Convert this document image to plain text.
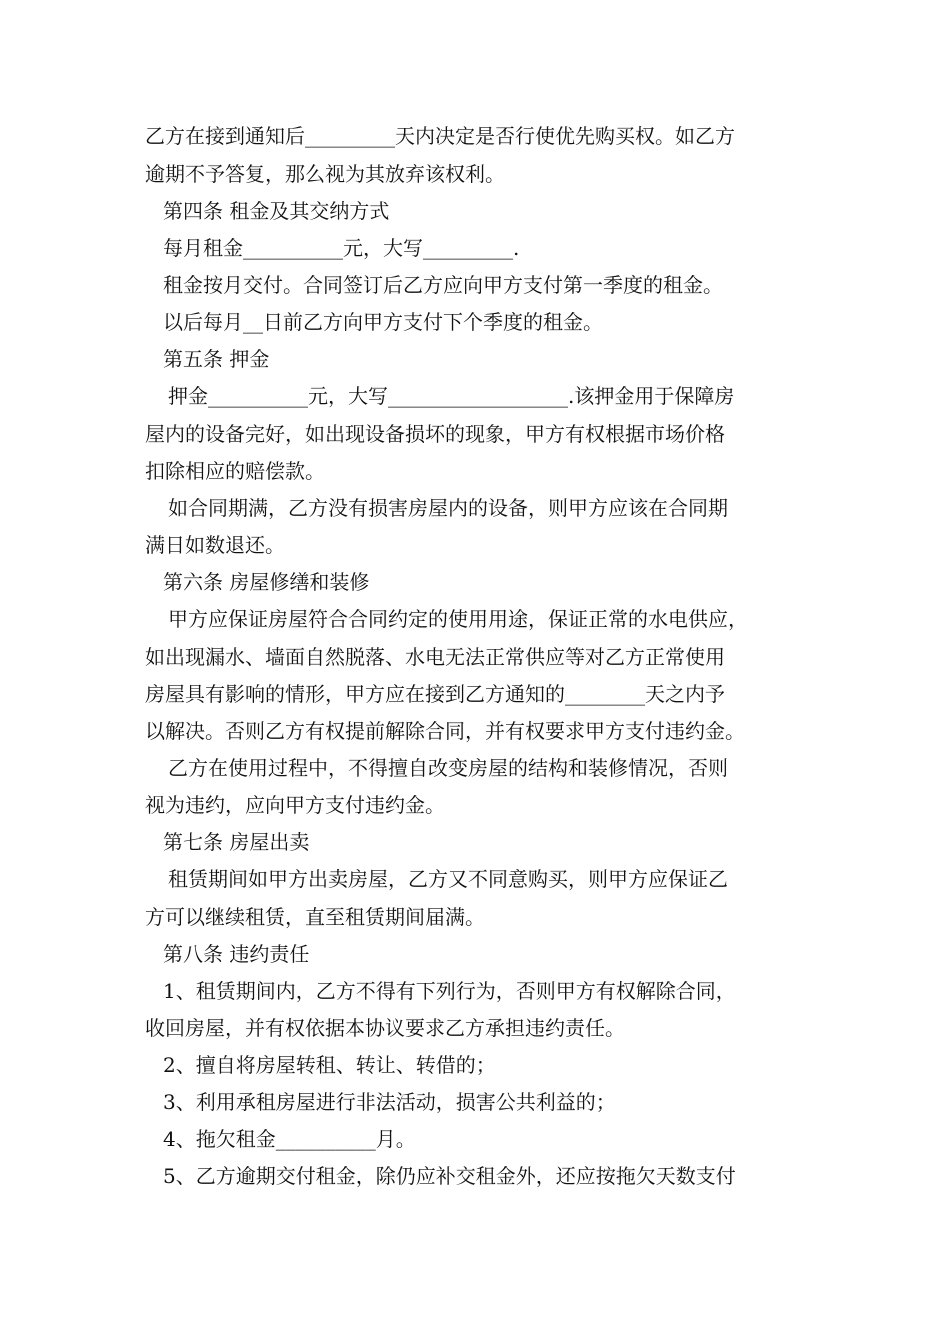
乙方在接到通知后_________天内决定是否行使优先购买权。如乙方
逾期不予答复，那么视为其放弃该权利。
第四条 租金及其交纳方式
每月租金__________元，大写_________.
租金按月交付。合同签订后乙方应向甲方支付第一季度的租金。
以后每月__日前乙方向甲方支付下个季度的租金。
第五条 押金
押金__________元，大写__________________.该押金用于保障房
屋内的设备完好，如出现设备损坏的现象，甲方有权根据市场价格
扣除相应的赔偿款。
如合同期满，乙方没有损害房屋内的设备，则甲方应该在合同期
满日如数退还。
第六条 房屋修缮和装修
甲方应保证房屋符合合同约定的使用用途，保证正常的水电供应，
如出现漏水、墙面自然脱落、水电无法正常供应等对乙方正常使用
房屋具有影响的情形，甲方应在接到乙方通知的________天之内予
以解决。否则乙方有权提前解除合同，并有权要求甲方支付违约金。
乙方在使用过程中，不得擅自改变房屋的结构和装修情况，否则
视为违约，应向甲方支付违约金。
第七条 房屋出卖
租赁期间如甲方出卖房屋，乙方又不同意购买，则甲方应保证乙
方可以继续租赁，直至租赁期间届满。
第八条 违约责任
1、租赁期间内，乙方不得有下列行为，否则甲方有权解除合同，
收回房屋，并有权依据本协议要求乙方承担违约责任。
2、擅自将房屋转租、转让、转借的；
3、利用承租房屋进行非法活动，损害公共利益的；
4、拖欠租金__________月。
5、乙方逾期交付租金，除仍应补交租金外，还应按拖欠天数支付
